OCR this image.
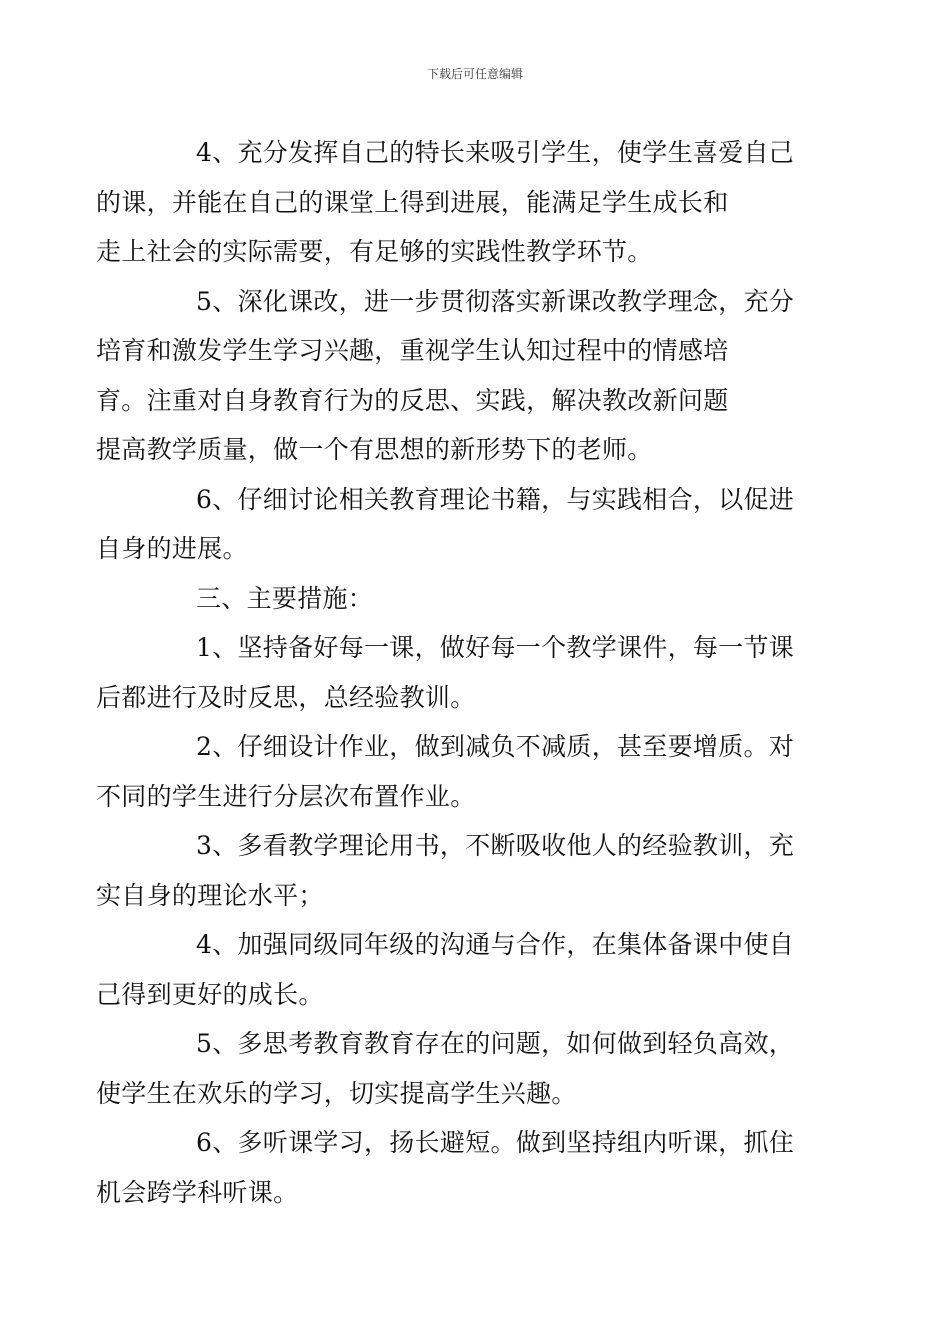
下载后可任意编辑

4、充分发挥自己的特长来吸引学生，使学生喜爱自己
的课，并能在自己的课堂上得到进展，能满足学生成长和
走上社会的实际需要，有足够的实践性教学环节。

5、深化课改，进一步贯彻落实新课改教学理念，充分
培育和激发学生学习兴趣，重视学生认知过程中的情感培
育。注重对自身教育行为的反思、实践，解决教改新问题
提高教学质量，做一个有思想的新形势下的老师。

6、仔细讨论相关教育理论书籍，与实践相合，以促进
自身的进展。

三、主要措施：

1、坚持备好每一课，做好每一个教学课件，每一节课
后都进行及时反思，总经验教训。

2、仔细设计作业，做到减负不减质，甚至要增质。对
不同的学生进行分层次布置作业。

3、多看教学理论用书，不断吸收他人的经验教训，充
实自身的理论水平；

4、加强同级同年级的沟通与合作，在集体备课中使自
己得到更好的成长。

5、多思考教育教育存在的问题，如何做到轻负高效，
使学生在欢乐的学习，切实提高学生兴趣。

6、多听课学习，扬长避短。做到坚持组内听课，抓住
机会跨学科听课。
